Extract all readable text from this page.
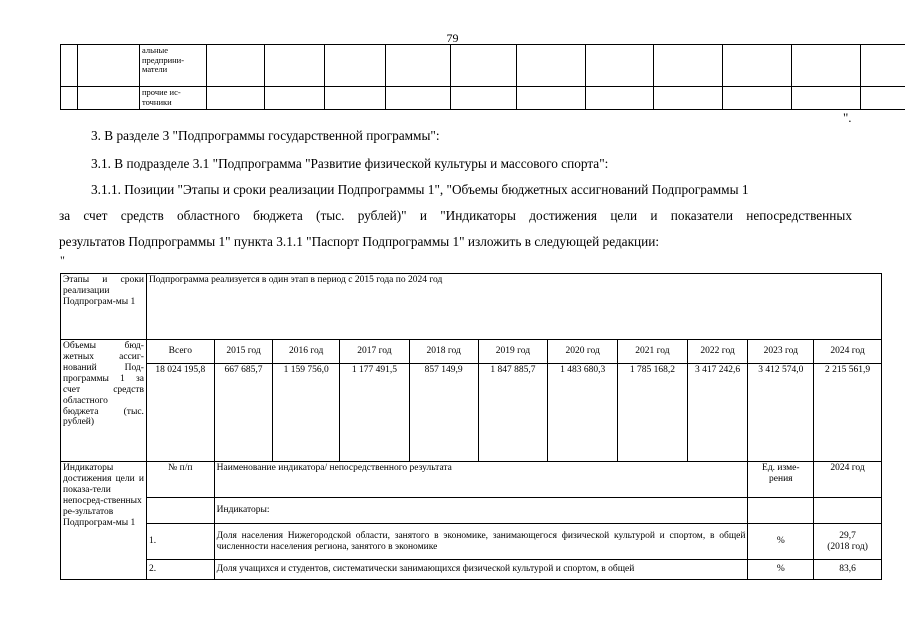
79
		альные предприни-матели											
		прочие ис-точники											
".
3. В разделе 3 "Подпрограммы государственной программы":
3.1. В подразделе 3.1 "Подпрограмма "Развитие физической культуры и массового спорта":
3.1.1. Позиции "Этапы и сроки реализации Подпрограммы 1", "Объемы бюджетных ассигнований Подпрограммы 1
за счет средств областного бюджета (тыс. рублей)" и "Индикаторы достижения цели и показатели непосредственных
результатов Подпрограммы 1" пункта 3.1.1 "Паспорт Подпрограммы 1" изложить в следующей редакции:
"
Этапы и сроки реализации Подпрограм-мы 1	Подпрограмма реализуется в один этап в период с 2015 года по 2024 год										
Объемы бюд-жетных ассиг-нований Под-программы 1 за счет средств областного бюджета (тыс. рублей)	Всего	2015 год	2016 год	2017 год	2018 год	2019 год	2020 год	2021 год	2022 год	2023 год	2024 год
	18 024 195,8	667 685,7	1 159 756,0	1 177 491,5	857 149,9	1 847 885,7	1 483 680,3	1 785 168,2	3 417 242,6	3 412 574,0	2 215 561,9
Индикаторы достижения цели и показа-тели непосред-ственных ре-зультатов Подпрограм-мы 1	№ п/п	Наименование индикатора/ непосредственного результата								Ед. изме-рения	2024 год
		Индикаторы:									
	1.	Доля населения Нижегородской области, занятого в экономике, занимающегося физической культурой и спортом, в общей численности населения региона, занятого в экономике								%	29,7
(2018 год)

	2.	Доля учащихся и студентов, систематически занимающихся физической культурой и спортом, в общей								%	83,6
